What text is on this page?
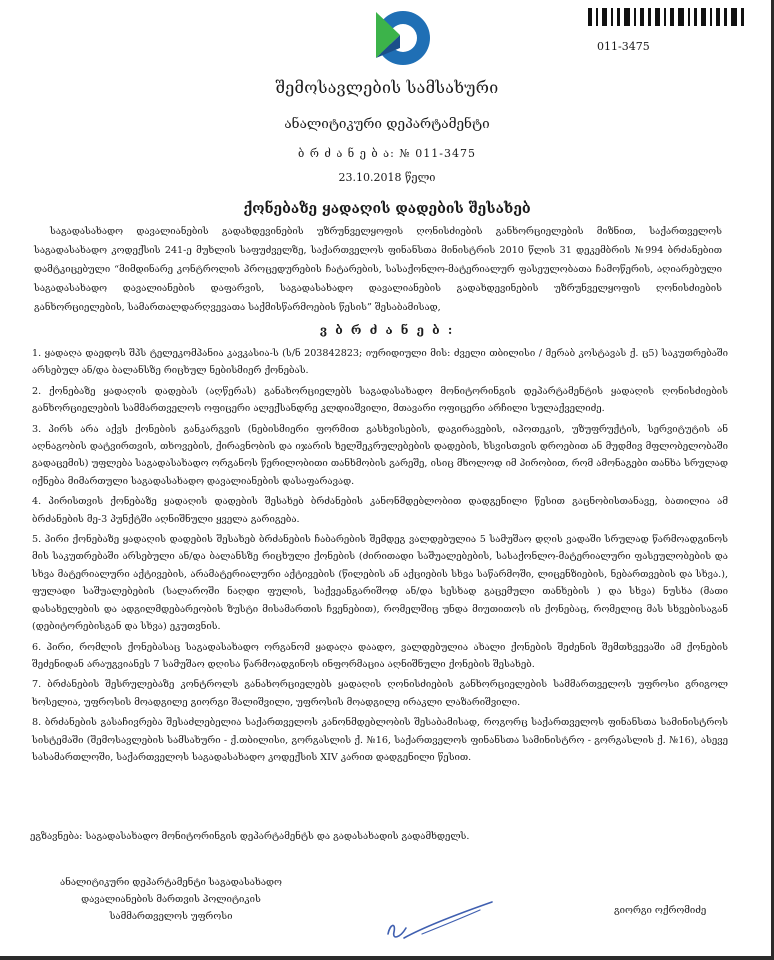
011-3475
შემოსავლების სამსახური
ანალიტიკური დეპარტამენტი
ბ რ ძ ა ნ ე ბ ა: № 011-3475
23.10.2018 წელი
ქონებაზე ყადაღის დადების შესახებ
საგადასახადო დავალიანების გადახდევინების უზრუნველყოფის ღონისძიების განხორციელების მიზნით, საქართველოს საგადასახადო კოდექსის 241-ე მუხლის საფუძველზე, საქართველოს ფინანსთა მინისტრის 2010 წლის 31 დეკემბრის №994 ბრძანებით დამტკიცებული “მიმდინარე კონტროლის პროცედურების ჩატარების, სასაქონლო-მატერიალურ ფასეულობათა ჩამოწერის, აღიარებული საგადასახადო დავალიანების დაფარვის, საგადასახადო დავალიანების გადახდევინების უზრუნველყოფის ღონისძიების განხორციელების, სამართალდარღვევათა საქმისწარმოების წესის” შესაბამისად,
ვ ბ რ ძ ა ნ ე ბ :

1. ყადაღა დაედოს შპს ტელეკომპანია კავკასია-ს (ს/ნ 203842823; იურიდიული მის: ძველი თბილისი / მერაბ კოსტავას ქ. ც5) საკუთრებაში არსებულ ან/და ბალანსზე რიცხულ ნებისმიერ ქონებას.

2. ქონებაზე ყადაღის დადებას (აღწერას) განახორციელებს საგადასახადო მონიტორინგის დეპარტამენტის ყადაღის ღონისძიების განხორციელების სამმართველოს ოფიცერი ალექსანდრე კლდიაშვილი, მთავარი ოფიცერი არჩილი სულაქველიძე.

3. პირს არა აქვს ქონების განკარგვის (ნებისმიერი ფორმით გასხვისების, დაგირავების, იპოთეკის, უზუფრუქტის, სერვიტუტის ან აღნაგობის დატვირთვის, თხოვების, ქირავნობის და იჯარის ხელშეკრულებების დადების, ხსვისთვის დროებით ან მუდმივ მფლობელობაში გადაცემის) უფლება საგადასახადო ორგანოს წერილობითი თანხმობის გარეშე, ისიც მხოლოდ იმ პირობით, რომ ამონაგები თანხა სრულად იქნება მიმართული საგადასახადო დავალიანების დასაფარავად.

4. პირისთვის ქონებაზე ყადაღის დადების შესახებ ბრძანების კანონმდებლობით დადგენილი წესით გაცნობისთანავე, ბათილია ამ ბრძანების მე-3 პუნქტში აღნიშნული ყველა გარიგება.

5. პირი ქონებაზე ყადაღის დადების შესახებ ბრძანების ჩაბარების შემდეგ ვალდებულია 5 სამუშაო დღის ვადაში სრულად წარმოადგინოს მის საკუთრებაში არსებული ან/და ბალანსზე რიცხული ქონების (ძირითადი საშუალებების, სასაქონლო-მატერიალური ფასეულობების და სხვა მატერიალური აქტივების, არამატერიალური აქტივების (წილების ან აქციების სხვა საწარმოში, ლიცენზიების, ნებართვების და სხვა.), ფულადი საშუალებების (სალაროში ნაღდი ფულის, საქვეანგარიშოდ ან/და სესხად გაცემული თანხების ) და სხვა) ნუსხა (მათი დასახელების და ადგილმდებარეობის ზუსტი მისამართის ჩვენებით), რომელშიც უნდა მიუთითოს ის ქონებაც, რომელიც მას სხვებისაგან (დებიტორებისგან და სხვა) ეკუთვნის.

6. პირი, რომლის ქონებასაც საგადასახადო ორგანომ ყადაღა დაადო, ვალდებულია ახალი ქონების შეძენის შემთხვევაში ამ ქონების შეძენიდან არაუგვიანეს 7 სამუშაო დღისა წარმოადგინოს ინფორმაცია აღნიშნული ქონების შესახებ.

7. ბრძანების შესრულებაზე კონტროლს განახორციელებს ყადაღის ღონისძიების განხორციელების სამმართველოს უფროსი გრიგოლ ხოსელია, უფროსის მოადგილე გიორგი შალიშვილი, უფროსის მოადგილე ირაკლი ლაზარიშვილი.

8. ბრძანების გასაჩივრება შესაძლებელია საქართველოს კანონმდებლობის შესაბამისად, როგორც საქართველოს ფინანსთა სამინისტროს სისტემაში (შემოსავლების სამსახური - ქ.თბილისი, გორგასლის ქ. №16, საქართველოს ფინანსთა სამინისტრო - გორგასლის ქ. №16), ასევე სასამართლოში, საქართველოს საგადასახადო კოდექსის XIV კარით დადგენილი წესით.

ეგზავნება: საგადასახადო მონიტორინგის დეპარტამენტს და გადასახადის გადამხდელს.
ანალიტიკური დეპარტამენტი საგადასახადო
დავალიანების მართვის პოლიტიკის
სამმართველოს უფროსი
გიორგი ოქრომიძე
